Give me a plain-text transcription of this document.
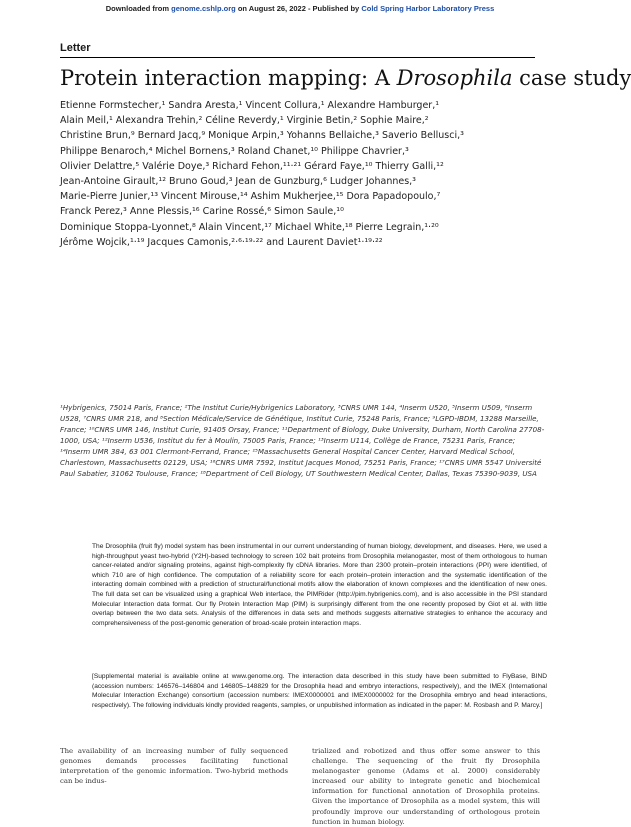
Downloaded from genome.cshlp.org on August 26, 2022 - Published by Cold Spring Harbor Laboratory Press
Letter
Protein interaction mapping: A Drosophila case study
Etienne Formstecher,¹ Sandra Aresta,¹ Vincent Collura,¹ Alexandre Hamburger,¹
Alain Meil,¹ Alexandra Trehin,² Céline Reverdy,¹ Virginie Betin,² Sophie Maire,²
Christine Brun,⁹ Bernard Jacq,⁹ Monique Arpin,³ Yohanns Bellaiche,³ Saverio Bellusci,³
Philippe Benaroch,⁴ Michel Bornens,³ Roland Chanet,¹⁰ Philippe Chavrier,³
Olivier Delattre,⁵ Valérie Doye,³ Richard Fehon,¹¹·²¹ Gérard Faye,¹⁰ Thierry Galli,¹²
Jean-Antoine Girault,¹² Bruno Goud,³ Jean de Gunzburg,⁶ Ludger Johannes,³
Marie-Pierre Junier,¹³ Vincent Mirouse,¹⁴ Ashim Mukherjee,¹⁵ Dora Papadopoulo,⁷
Franck Perez,³ Anne Plessis,¹⁶ Carine Rossé,⁶ Simon Saule,¹⁰
Dominique Stoppa-Lyonnet,⁸ Alain Vincent,¹⁷ Michael White,¹⁸ Pierre Legrain,¹·²⁰
Jérôme Wojcik,¹·¹⁹ Jacques Camonis,²·⁶·¹⁹·²² and Laurent Daviet¹·¹⁹·²²
¹Hybrigenics, 75014 Paris, France; ²The Institut Curie/Hybrigenics Laboratory, ³CNRS UMR 144, ⁴Inserm U520, ⁵Inserm U509, ⁶Inserm U528, ⁷CNRS UMR 218, and ⁸Section Médicale/Service de Génétique, Institut Curie, 75248 Paris, France; ⁹LGPD-IBDM, 13288 Marseille, France; ¹⁰CNRS UMR 146, Institut Curie, 91405 Orsay, France; ¹¹Department of Biology, Duke University, Durham, North Carolina 27708-1000, USA; ¹²Inserm U536, Institut du fer à Moulin, 75005 Paris, France; ¹³Inserm U114, Collège de France, 75231 Paris, France; ¹⁴Inserm UMR 384, 63 001 Clermont-Ferrand, France; ¹⁵Massachusetts General Hospital Cancer Center, Harvard Medical School, Charlestown, Massachusetts 02129, USA; ¹⁶CNRS UMR 7592, Institut Jacques Monod, 75251 Paris, France; ¹⁷CNRS UMR 5547 Université Paul Sabatier, 31062 Toulouse, France; ¹⁸Department of Cell Biology, UT Southwestern Medical Center, Dallas, Texas 75390-9039, USA
The Drosophila (fruit fly) model system has been instrumental in our current understanding of human biology, development, and diseases. Here, we used a high-throughput yeast two-hybrid (Y2H)-based technology to screen 102 bait proteins from Drosophila melanogaster, most of them orthologous to human cancer-related and/or signaling proteins, against high-complexity fly cDNA libraries. More than 2300 protein–protein interactions (PPI) were identified, of which 710 are of high confidence. The computation of a reliability score for each protein–protein interaction and the systematic identification of the interacting domain combined with a prediction of structural/functional motifs allow the elaboration of known complexes and the identification of new ones. The full data set can be visualized using a graphical Web interface, the PIMRider (http://pim.hybrigenics.com), and is also accessible in the PSI standard Molecular Interaction data format. Our fly Protein Interaction Map (PIM) is surprisingly different from the one recently proposed by Giot et al. with little overlap between the two data sets. Analysis of the differences in data sets and methods suggests alternative strategies to enhance the accuracy and comprehensiveness of the post-genomic generation of broad-scale protein interaction maps.
[Supplemental material is available online at www.genome.org. The interaction data described in this study have been submitted to FlyBase, BIND (accession numbers: 146576–146804 and 146805–148829 for the Drosophila head and embryo interactions, respectively), and the IMEX (International Molecular Interaction Exchange) consortium (accession numbers: IMEX0000001 and IMEX0000002 for the Drosophila embryo and head interactions, respectively). The following individuals kindly provided reagents, samples, or unpublished information as indicated in the paper: M. Rosbash and P. Marcy.]
The availability of an increasing number of fully sequenced genomes demands processes facilitating functional interpretation of the genomic information. Two-hybrid methods can be indus-
trialized and robotized and thus offer some answer to this challenge. The sequencing of the fruit fly Drosophila melanogaster genome (Adams et al. 2000) considerably increased our ability to integrate genetic and biochemical information for functional annotation of Drosophila proteins. Given the importance of Drosophila as a model system, this will profoundly improve our understanding of orthologous protein function in human biology.
